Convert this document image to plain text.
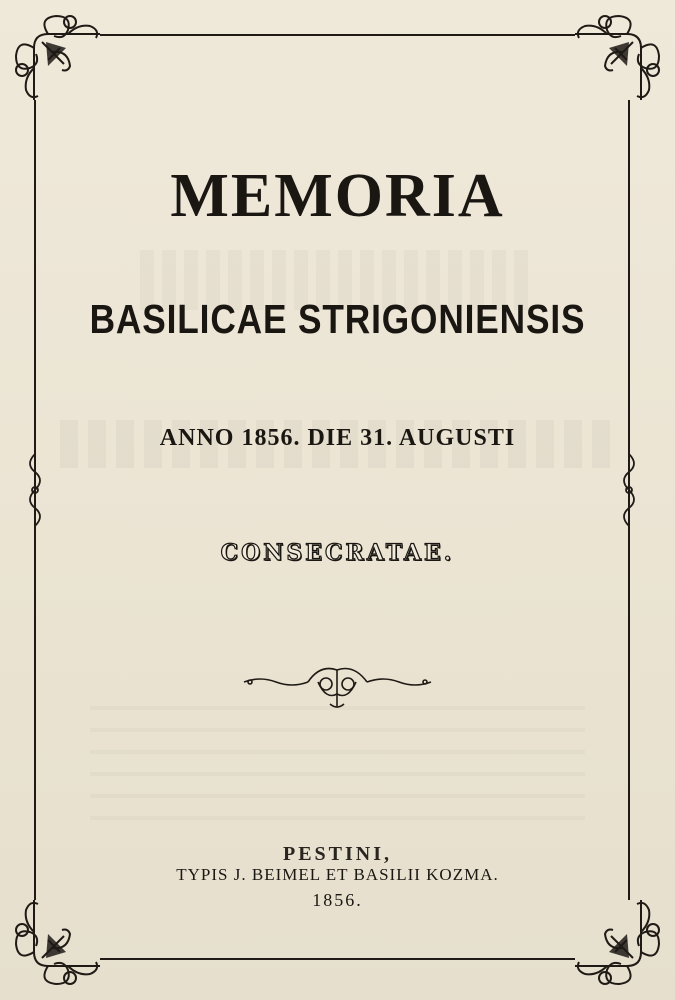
MEMORIA
BASILICAE STRIGONIENSIS

ANNO 1856. DIE 31. AUGUSTI

CONSECRATAE.

PESTINI,

TYPIS J. BEIMEL ET BASILII KOZMA.

1856.
